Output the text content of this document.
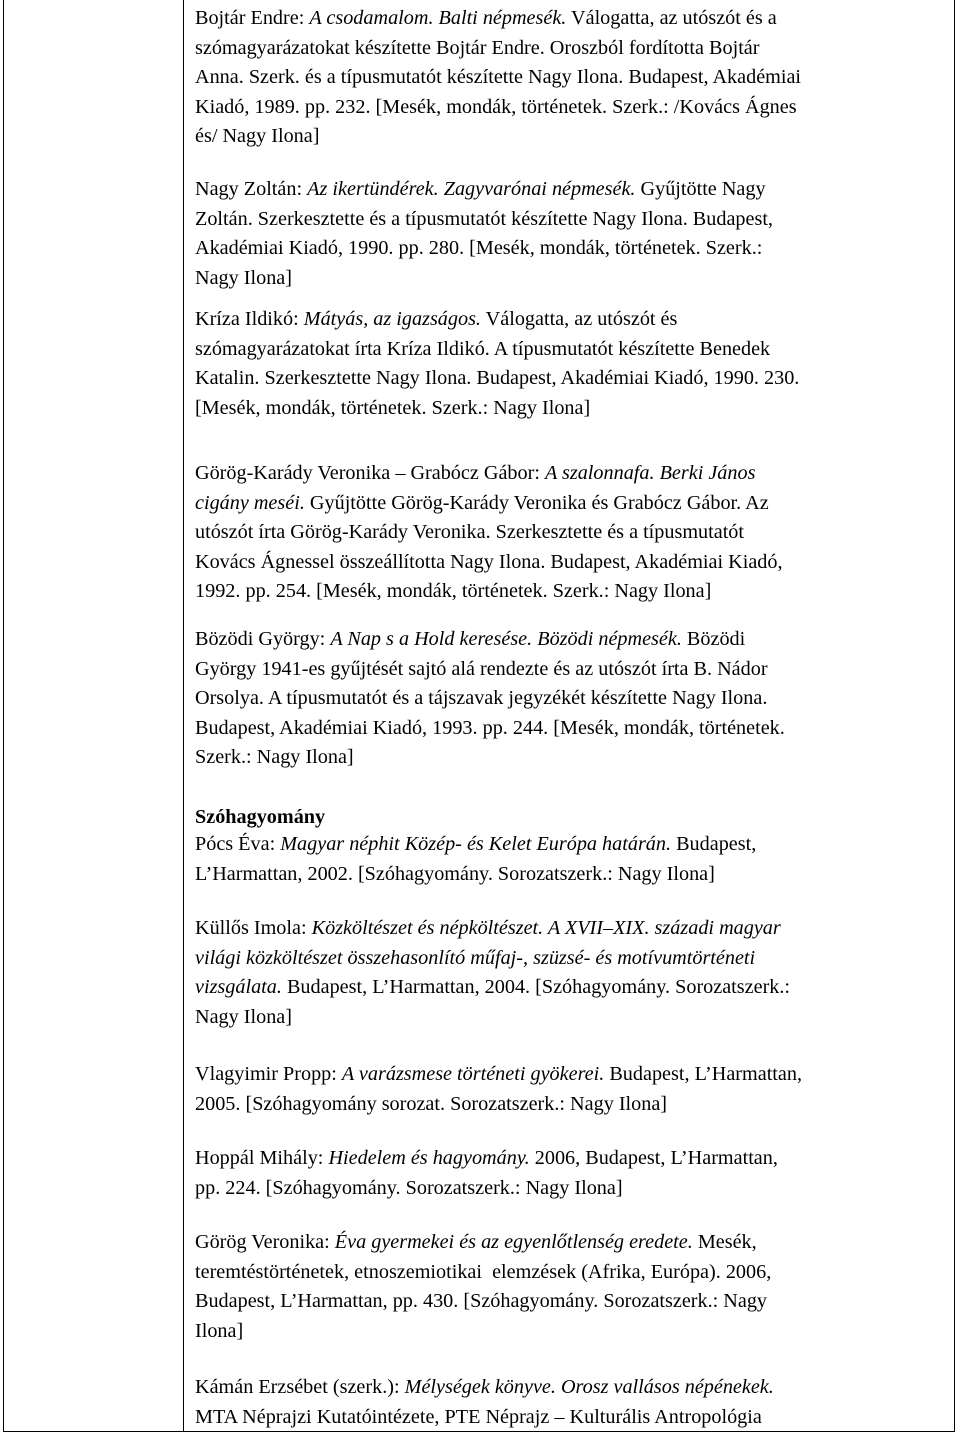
Bojtár Endre: A csodamalom. Balti népmesék. Válogatta, az utószót és a

szómagyarázatokat készítette Bojtár Endre. Oroszból fordította Bojtár

Anna. Szerk. és a típusmutatót készítette Nagy Ilona. Budapest, Akadémiai

Kiadó, 1989. pp. 232. [Mesék, mondák, történetek. Szerk.: /Kovács Ágnes

és/ Nagy Ilona]

Nagy Zoltán: Az ikertündérek. Zagyvarónai népmesék. Gyűjtötte Nagy

Zoltán. Szerkesztette és a típusmutatót készítette Nagy Ilona. Budapest,

Akadémiai Kiadó, 1990. pp. 280. [Mesék, mondák, történetek. Szerk.:

Nagy Ilona]

Kríza Ildikó: Mátyás, az igazságos. Válogatta, az utószót és

szómagyarázatokat írta Kríza Ildikó. A típusmutatót készítette Benedek

Katalin. Szerkesztette Nagy Ilona. Budapest, Akadémiai Kiadó, 1990. 230.

[Mesék, mondák, történetek. Szerk.: Nagy Ilona]

Görög-Karády Veronika – Grabócz Gábor: A szalonnafa. Berki János

cigány meséi. Gyűjtötte Görög-Karády Veronika és Grabócz Gábor. Az

utószót írta Görög-Karády Veronika. Szerkesztette és a típusmutatót

Kovács Ágnessel összeállította Nagy Ilona. Budapest, Akadémiai Kiadó,

1992. pp. 254. [Mesék, mondák, történetek. Szerk.: Nagy Ilona]

Bözödi György: A Nap s a Hold keresése. Bözödi népmesék. Bözödi

György 1941-es gyűjtését sajtó alá rendezte és az utószót írta B. Nádor

Orsolya. A típusmutatót és a tájszavak jegyzékét készítette Nagy Ilona.

Budapest, Akadémiai Kiadó, 1993. pp. 244. [Mesék, mondák, történetek.

Szerk.: Nagy Ilona]

Szóhagyomány

Pócs Éva: Magyar néphit Közép- és Kelet Európa határán. Budapest,

L’Harmattan, 2002. [Szóhagyomány. Sorozatszerk.: Nagy Ilona]

Küllős Imola: Közköltészet és népköltészet. A XVII–XIX. századi magyar

világi közköltészet összehasonlító műfaj-, szüzsé- és motívumtörténeti

vizsgálata. Budapest, L’Harmattan, 2004. [Szóhagyomány. Sorozatszerk.:

Nagy Ilona]

Vlagyimir Propp: A varázsmese történeti gyökerei. Budapest, L’Harmattan,

2005. [Szóhagyomány sorozat. Sorozatszerk.: Nagy Ilona]

Hoppál Mihály: Hiedelem és hagyomány. 2006, Budapest, L’Harmattan,

pp. 224. [Szóhagyomány. Sorozatszerk.: Nagy Ilona]

Görög Veronika: Éva gyermekei és az egyenlőtlenség eredete. Mesék,

teremtéstörténetek, etnoszemiotikai  elemzések (Afrika, Európa). 2006,

Budapest, L’Harmattan, pp. 430. [Szóhagyomány. Sorozatszerk.: Nagy

Ilona]

Kámán Erzsébet (szerk.): Mélységek könyve. Orosz vallásos népénekek.

MTA Néprajzi Kutatóintézete, PTE Néprajz – Kulturális Antropológia
